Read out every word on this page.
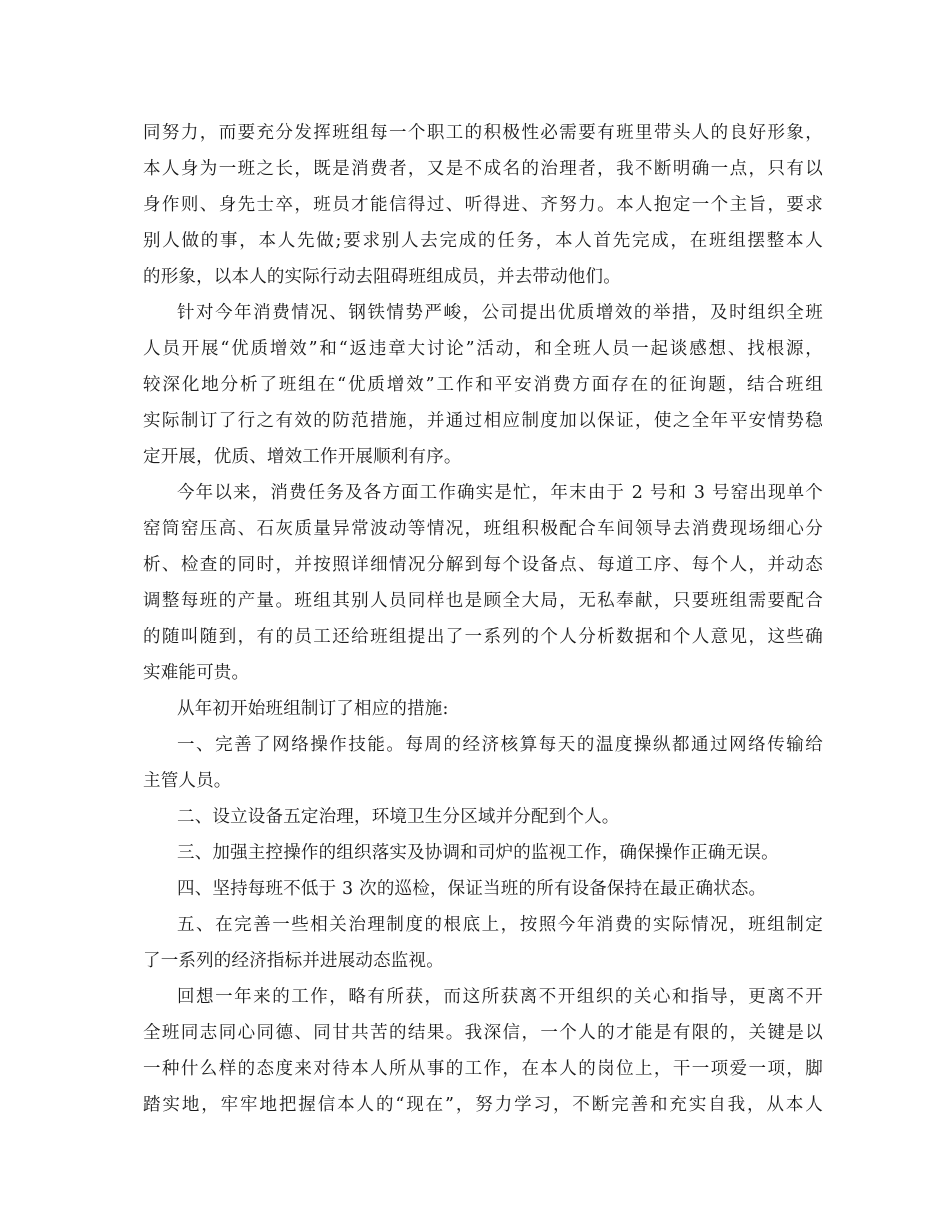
同努力，而要充分发挥班组每一个职工的积极性必需要有班里带头人的良好形象，
本人身为一班之长，既是消费者，又是不成名的治理者，我不断明确一点，只有以
身作则、身先士卒，班员才能信得过、听得进、齐努力。本人抱定一个主旨，要求
别人做的事，本人先做;要求别人去完成的任务，本人首先完成，在班组摆整本人
的形象，以本人的实际行动去阻碍班组成员，并去带动他们。
针对今年消费情况、钢铁情势严峻，公司提出优质增效的举措，及时组织全班
人员开展“优质增效”和“返违章大讨论”活动，和全班人员一起谈感想、找根源，
较深化地分析了班组在“优质增效”工作和平安消费方面存在的征询题，结合班组
实际制订了行之有效的防范措施，并通过相应制度加以保证，使之全年平安情势稳
定开展，优质、增效工作开展顺利有序。
今年以来，消费任务及各方面工作确实是忙，年末由于 2 号和 3 号窑出现单个
窑筒窑压高、石灰质量异常波动等情况，班组积极配合车间领导去消费现场细心分
析、检查的同时，并按照详细情况分解到每个设备点、每道工序、每个人，并动态
调整每班的产量。班组其别人员同样也是顾全大局，无私奉献，只要班组需要配合
的随叫随到，有的员工还给班组提出了一系列的个人分析数据和个人意见，这些确
实难能可贵。
从年初开始班组制订了相应的措施:
一、完善了网络操作技能。每周的经济核算每天的温度操纵都通过网络传输给
主管人员。
二、设立设备五定治理，环境卫生分区域并分配到个人。
三、加强主控操作的组织落实及协调和司炉的监视工作，确保操作正确无误。
四、坚持每班不低于 3 次的巡检，保证当班的所有设备保持在最正确状态。
五、在完善一些相关治理制度的根底上，按照今年消费的实际情况，班组制定
了一系列的经济指标并进展动态监视。
回想一年来的工作，略有所获，而这所获离不开组织的关心和指导，更离不开
全班同志同心同德、同甘共苦的结果。我深信，一个人的才能是有限的，关键是以
一种什么样的态度来对待本人所从事的工作，在本人的岗位上，干一项爱一项，脚
踏实地，牢牢地把握信本人的“现在”，努力学习，不断完善和充实自我，从本人
